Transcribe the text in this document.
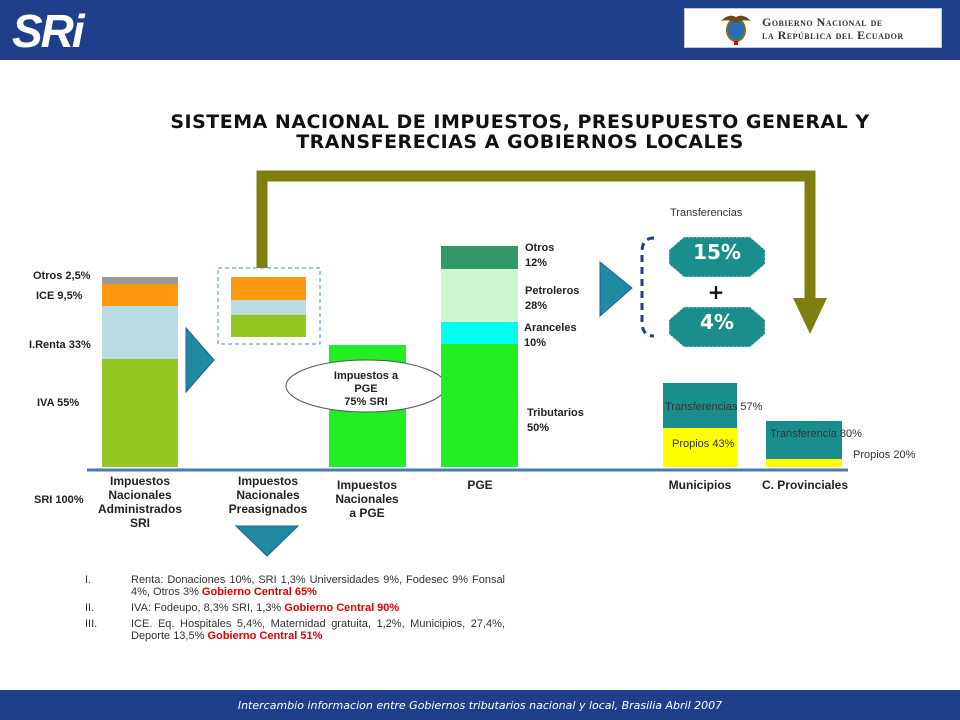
SRi	Gobierno Nacional de
la República del Ecuador
SISTEMA NACIONAL DE IMPUESTOS, PRESUPUESTO GENERAL Y
TRANSFERECIAS A GOBIERNOS LOCALES
Otros 2,5%
ICE 9,5%
I.Renta 33%
IVA 55%
SRI 100%
Impuestos
Nacionales
Administrados
SRI
Impuestos
Nacionales
Preasignados
Impuestos
Nacionales
a PGE
Impuestos a PGE
75% SRI
PGE
Otros
12%
Petroleros
28%
Aranceles
10%
Tributarios
50%
Transferencias
15%
+
4%
Transferencias 57%
Propios 43%
Municipios
Transferencia 80%
Propios 20%
C. Provinciales
I.	Renta: Donaciones 10%, SRI 1,3% Universidades 9%, Fodesec 9% Fonsal 4%, Otros 3% Gobierno Central 65%
II.	IVA: Fodeupo, 8,3% SRI, 1,3% Gobierno Central 90%
III.	ICE. Eq. Hospitales 5,4%, Maternidad gratuita, 1,2%, Municipios, 27,4%, Deporte 13,5% Gobierno Central 51%
Intercambio informacion entre Gobiernos tributarios nacional y local, Brasilia Abril 2007
